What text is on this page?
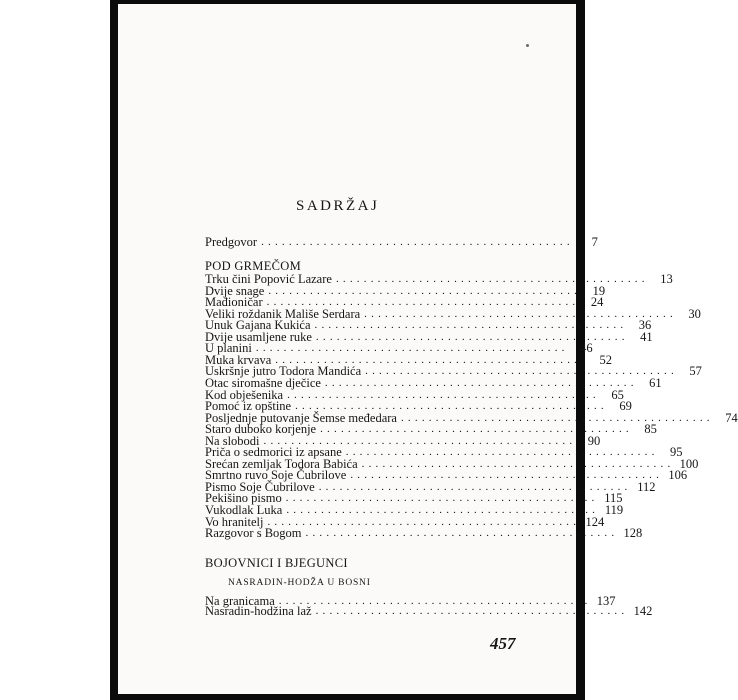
SADRŽAJ
Predgovor .............................................	7
POD GRMEČOM
Trku čini Popović Lazare ............................................. 13
Dvije snage ............................................. 19
Mađioničar ............................................. 24
Veliki roždanik Mališe Serdara ............................................. 30
Unuk Gajana Kukića ............................................. 36
Dvije usamljene ruke ............................................. 41
U planini ............................................. 46
Muka krvava ............................................. 52
Uskršnje jutro Todora Mandića ............................................. 57
Otac siromašne dječice ............................................. 61
Kod obješenika ............................................. 65
Pomoć iz opštine ............................................. 69
Posljednje putovanje Šemse međedara ............................................. 74
Staro duboko korjenje ............................................. 85
Na slobodi ............................................. 90
Priča o sedmorici iz apsane ............................................. 95
Srećan zemljak Todora Babića ............................................. 100
Smrtno ruvo Soje Čubrilove ............................................. 106
Pismo Soje Čubrilove ............................................. 112
Pekišino pismo ............................................. 115
Vukodlak Luka ............................................. 119
Vo hranitelj ............................................. 124
Razgovor s Bogom ............................................. 128
BOJOVNICI I BJEGUNCI
NASRADIN-HODŽA U BOSNI
Na granicama ............................................. 137
Nasradin-hodžina laž ............................................. 142
457
